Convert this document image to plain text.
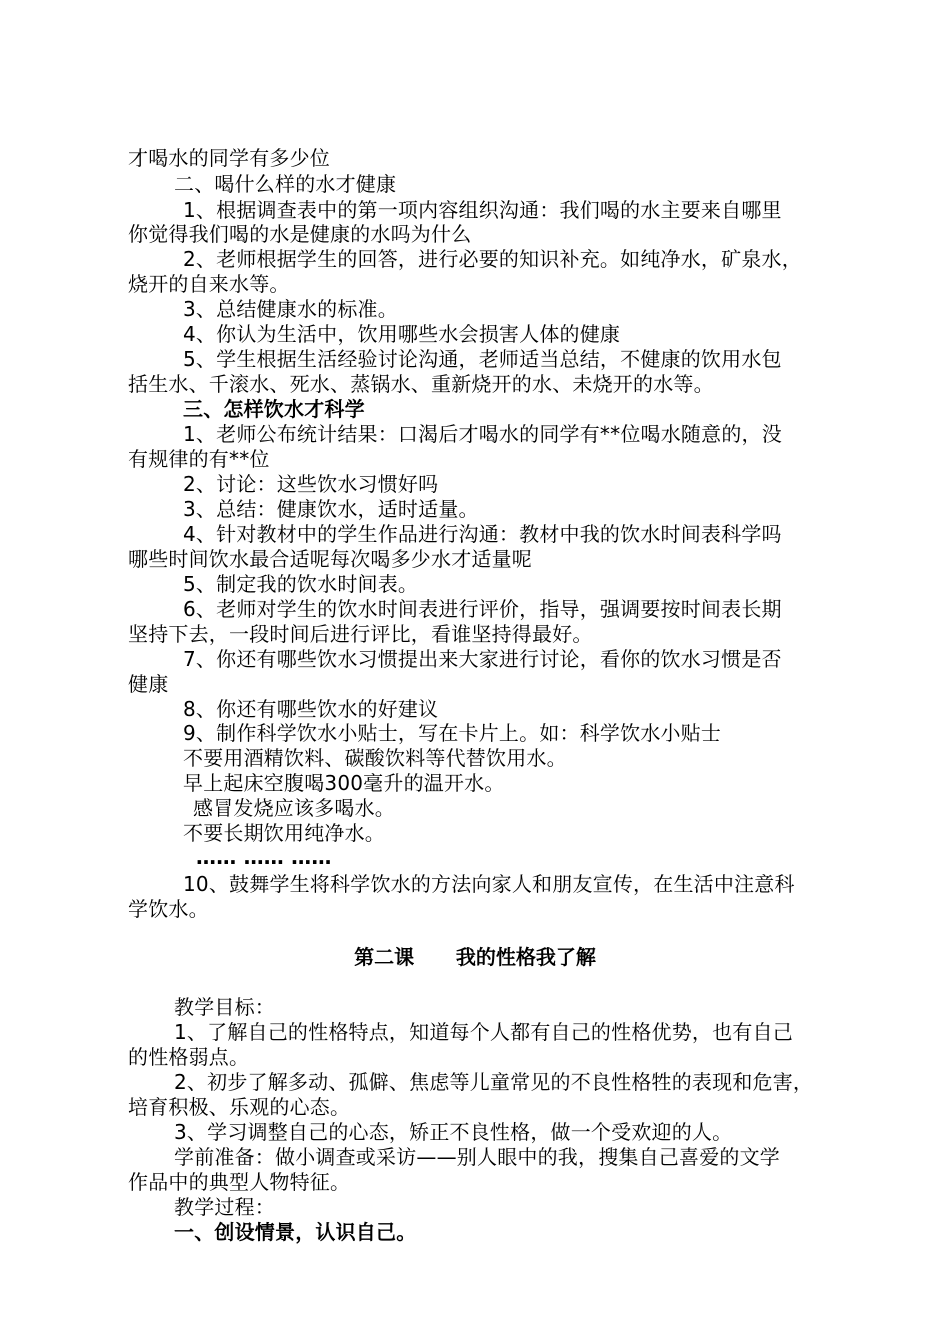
才喝水的同学有多少位
二、喝什么样的水才健康
1、根据调查表中的第一项内容组织沟通：我们喝的水主要来自哪里
你觉得我们喝的水是健康的水吗为什么
2、老师根据学生的回答，进行必要的知识补充。如纯净水，矿泉水，
烧开的自来水等。
3、总结健康水的标准。
4、你认为生活中，饮用哪些水会损害人体的健康
5、学生根据生活经验讨论沟通，老师适当总结，不健康的饮用水包
括生水、千滚水、死水、蒸锅水、重新烧开的水、未烧开的水等。
三、怎样饮水才科学
1、老师公布统计结果：口渴后才喝水的同学有**位喝水随意的，没
有规律的有**位
2、讨论：这些饮水习惯好吗
3、总结：健康饮水，适时适量。
4、针对教材中的学生作品进行沟通：教材中我的饮水时间表科学吗
哪些时间饮水最合适呢每次喝多少水才适量呢
5、制定我的饮水时间表。
6、老师对学生的饮水时间表进行评价，指导，强调要按时间表长期
坚持下去，一段时间后进行评比，看谁坚持得最好。
7、你还有哪些饮水习惯提出来大家进行讨论，看你的饮水习惯是否
健康
8、你还有哪些饮水的好建议
9、制作科学饮水小贴士，写在卡片上。如：科学饮水小贴士
不要用酒精饮料、碳酸饮料等代替饮用水。
早上起床空腹喝300毫升的温开水。
感冒发烧应该多喝水。
不要长期饮用纯净水。
…… …… ……
10、鼓舞学生将科学饮水的方法向家人和朋友宣传，在生活中注意科
学饮水。
第二课      我的性格我了解
教学目标：
1、了解自己的性格特点，知道每个人都有自己的性格优势，也有自己
的性格弱点。
2、初步了解多动、孤僻、焦虑等儿童常见的不良性格牲的表现和危害，
培育积极、乐观的心态。
3、学习调整自己的心态，矫正不良性格，做一个受欢迎的人。
学前准备：做小调查或采访——别人眼中的我，搜集自己喜爱的文学
作品中的典型人物特征。
教学过程：
一、创设情景，认识自己。
